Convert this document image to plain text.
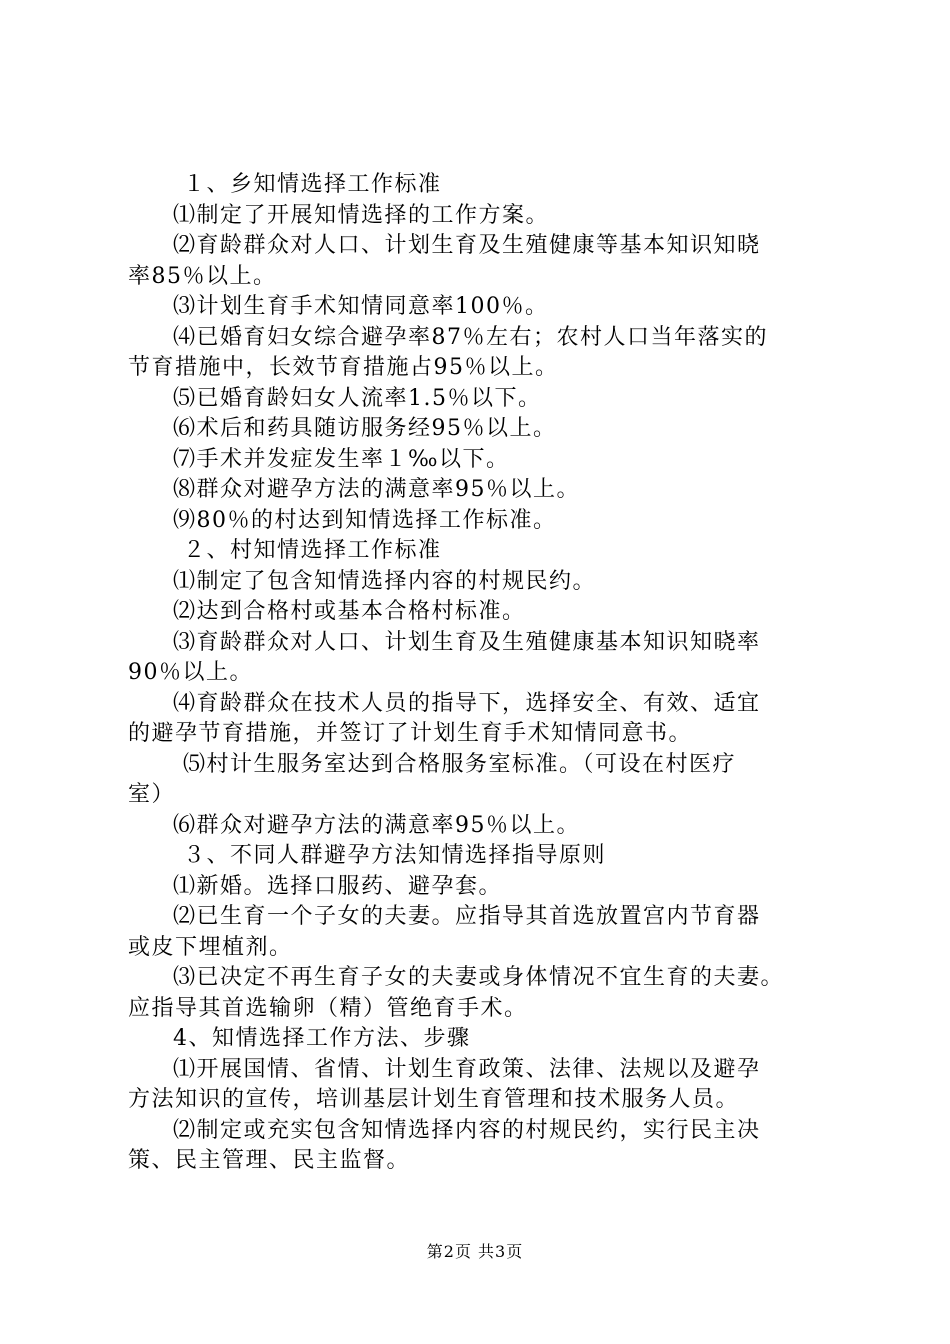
１、乡知情选择工作标准
⑴制定了开展知情选择的工作方案。
⑵育龄群众对人口、计划生育及生殖健康等基本知识知晓
率85％以上。
⑶计划生育手术知情同意率100％。
⑷已婚育妇女综合避孕率87％左右；农村人口当年落实的
节育措施中，长效节育措施占95％以上。
⑸已婚育龄妇女人流率1.5％以下。
⑹术后和药具随访服务经95％以上。
⑺手术并发症发生率１‰以下。
⑻群众对避孕方法的满意率95％以上。
⑼80％的村达到知情选择工作标准。
２、村知情选择工作标准
⑴制定了包含知情选择内容的村规民约。
⑵达到合格村或基本合格村标准。
⑶育龄群众对人口、计划生育及生殖健康基本知识知晓率
90％以上。
⑷育龄群众在技术人员的指导下，选择安全、有效、适宜
的避孕节育措施，并签订了计划生育手术知情同意书。
⑸村计生服务室达到合格服务室标准。（可设在村医疗
室）
⑹群众对避孕方法的满意率95％以上。
３、不同人群避孕方法知情选择指导原则
⑴新婚。选择口服药、避孕套。
⑵已生育一个子女的夫妻。应指导其首选放置宫内节育器
或皮下埋植剂。
⑶已决定不再生育子女的夫妻或身体情况不宜生育的夫妻。
应指导其首选输卵（精）管绝育手术。
4、知情选择工作方法、步骤
⑴开展国情、省情、计划生育政策、法律、法规以及避孕
方法知识的宣传，培训基层计划生育管理和技术服务人员。
⑵制定或充实包含知情选择内容的村规民约，实行民主决
策、民主管理、民主监督。
第2页 共3页
